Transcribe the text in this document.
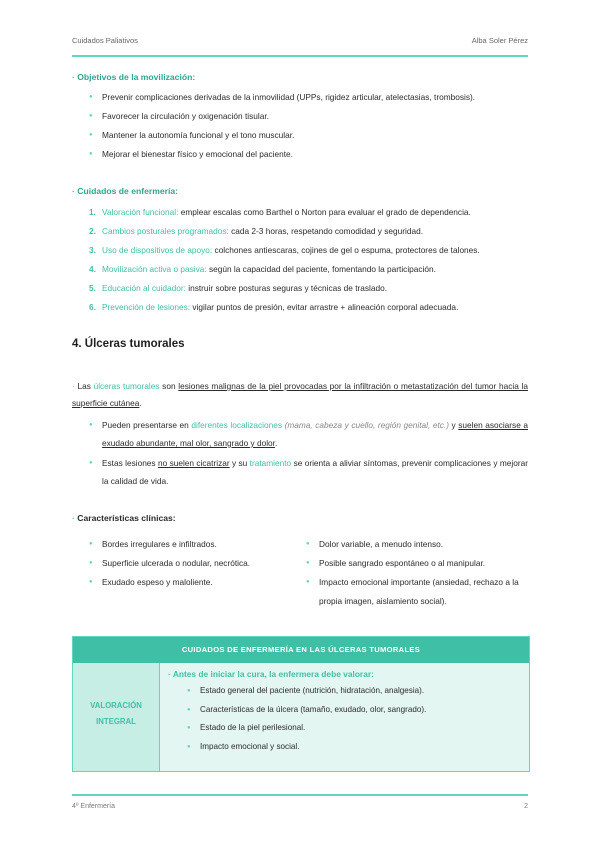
Cuidados Paliativos	Alba Soler Pérez
· Objetivos de la movilización:
● Prevenir complicaciones derivadas de la inmovilidad (UPPs, rigidez articular, atelectasias, trombosis).
● Favorecer la circulación y oxigenación tisular.
● Mantener la autonomía funcional y el tono muscular.
● Mejorar el bienestar físico y emocional del paciente.
· Cuidados de enfermería:
1. Valoración funcional: emplear escalas como Barthel o Norton para evaluar el grado de dependencia.
2. Cambios posturales programados: cada 2-3 horas, respetando comodidad y seguridad.
3. Uso de dispositivos de apoyo: colchones antiescaras, cojines de gel o espuma, protectores de talones.
4. Movilización activa o pasiva: según la capacidad del paciente, fomentando la participación.
5. Educación al cuidador: instruir sobre posturas seguras y técnicas de traslado.
6. Prevención de lesiones: vigilar puntos de presión, evitar arrastre + alineación corporal adecuada.
4. Úlceras tumorales
· Las úlceras tumorales son lesiones malignas de la piel provocadas por la infiltración o metastatización del tumor hacia la superficie cutánea.
● Pueden presentarse en diferentes localizaciones (mama, cabeza y cuello, región genital, etc.) y suelen asociarse a exudado abundante, mal olor, sangrado y dolor.
● Estas lesiones no suelen cicatrizar y su tratamiento se orienta a aliviar síntomas, prevenir complicaciones y mejorar la calidad de vida.
· Características clínicas:
● Bordes irregulares e infiltrados.
● Superficie ulcerada o nodular, necrótica.
● Exudado espeso y maloliente.
● Dolor variable, a menudo intenso.
● Posible sangrado espontáneo o al manipular.
● Impacto emocional importante (ansiedad, rechazo a la propia imagen, aislamiento social).
CUIDADOS DE ENFERMERÍA EN LAS ÚLCERAS TUMORALES
VALORACIÓN
INTEGRAL
· Antes de iniciar la cura, la enfermera debe valorar:
● Estado general del paciente (nutrición, hidratación, analgesia).
● Características de la úlcera (tamaño, exudado, olor, sangrado).
● Estado de la piel perilesional.
● Impacto emocional y social.
4º Enfermería	2
